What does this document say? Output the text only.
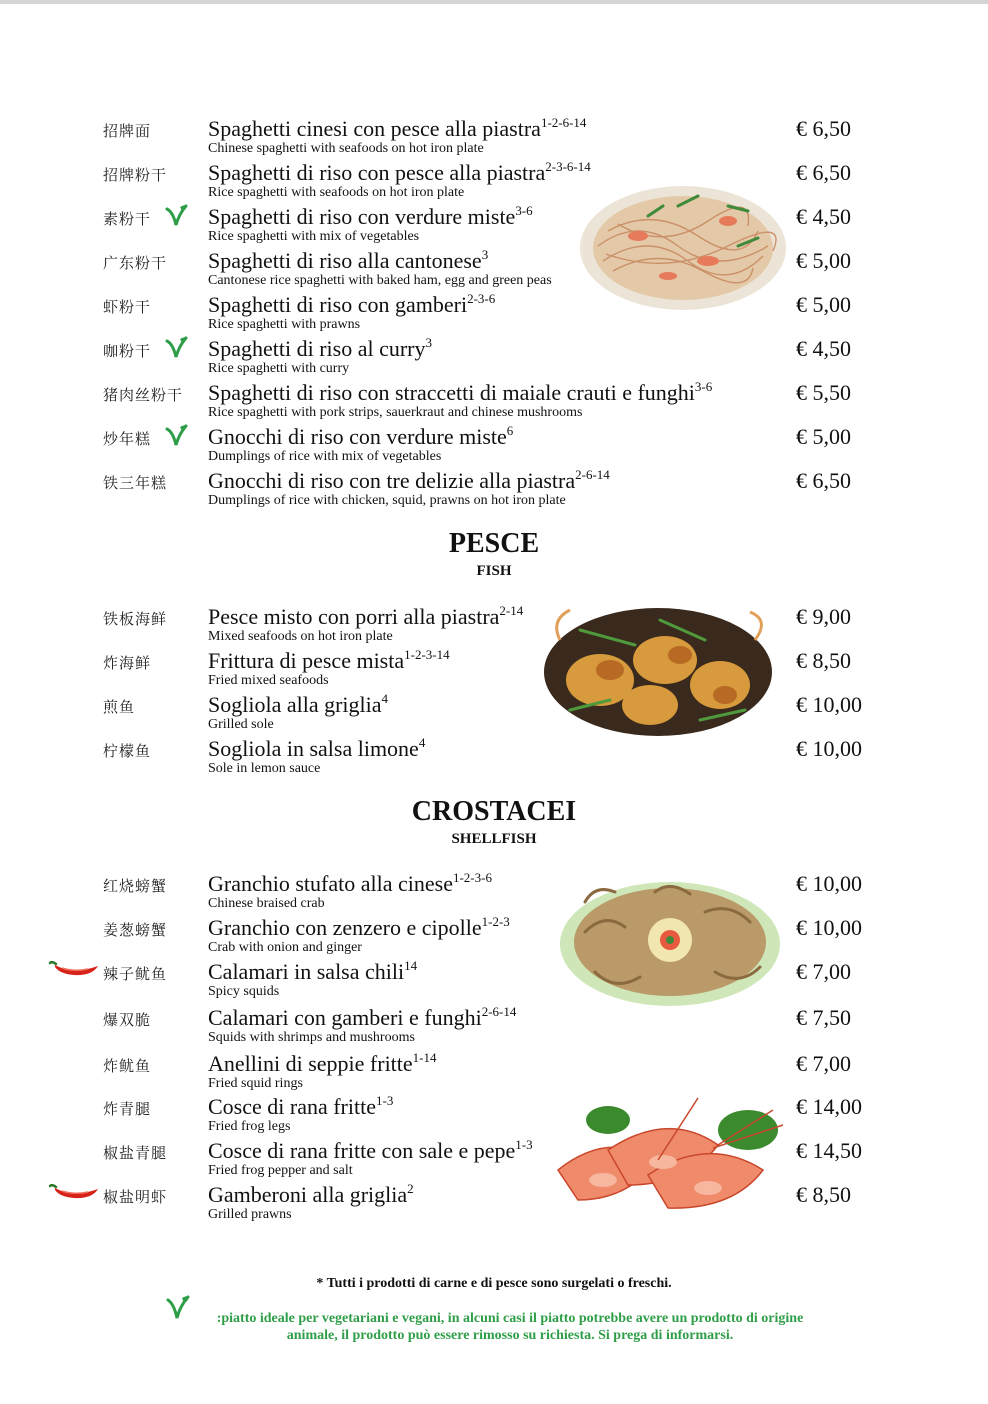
招牌面	Spaghetti cinesi con pesce alla piastra$^{1-2-6-14}$
Chinese spaghetti with seafoods on hot iron plate
€ 6,50
招牌粉干 Spaghetti di riso con pesce alla piastra$^{2-3-6-14}$
Rice spaghetti with seafoods on hot iron plate
€ 6,50
素粉干	Spaghetti di riso con verdure miste$^{3-6}$
Rice spaghetti with mix of vegetables
€ 4,50
广东粉干 Spaghetti di riso alla cantonese$^3$
Cantonese rice spaghetti with baked ham, egg and green peas
€ 5,00
虾粉干	Spaghetti di riso con gamberi$^{2-3-6}$
Rice spaghetti with prawns
€ 5,00
咖粉干	Spaghetti di riso al curry$^3$
Rice spaghetti with curry
€ 4,50
猪肉丝粉干 Spaghetti di riso con straccetti di maiale crauti e funghi$^{3-6}$
Rice spaghetti with pork strips, sauerkraut and chinese mushrooms
€ 5,50
炒年糕	Gnocchi di riso con verdure miste$^6$
Dumplings of rice with mix of vegetables
€ 5,00
铁三年糕 Gnocchi di riso con tre delizie alla piastra$^{2-6-14}$
Dumplings of rice with chicken, squid, prawns on hot iron plate
€ 6,50
铁板海鲜 Pesce misto con porri alla piastra$^{2-14}$
Mixed seafoods on hot iron plate
€ 9,00
炸海鲜	Frittura di pesce mista$^{1-2-3-14}$
Fried mixed seafoods
€ 8,50
煎鱼	Sogliola alla griglia$^4$
Grilled sole
€ 10,00
柠檬鱼	Sogliola in salsa limone$^4$
Sole in lemon sauce
€ 10,00
红烧螃蟹 Granchio stufato alla cinese$^{1-2-3-6}$
Chinese braised crab
€ 10,00
姜葱螃蟹 Granchio con zenzero e cipolle$^{1-2-3}$
Crab with onion and ginger
€ 10,00
辣子鱿鱼 Calamari in salsa chili$^{14}$
Spicy squids
€ 7,00
爆双脆	Calamari con gamberi e funghi$^{2-6-14}$
Squids with shrimps and mushrooms
€ 7,50
炸鱿鱼	Anellini di seppie fritte$^{1-14}$
Fried squid rings
€ 7,00
炸青腿	Cosce di rana fritte$^{1-3}$
Fried frog legs
€ 14,00
椒盐青腿 Cosce di rana fritte con sale e pepe$^{1-3}$
Fried frog pepper and salt
€ 14,50
椒盐明虾 Gamberoni alla griglia$^2$
Grilled prawns
€ 8,50
PESCE
FISH
CROSTACEI
SHELLFISH
* Tutti i prodotti di carne e di pesce sono surgelati o freschi.
:piatto ideale per vegetariani e vegani, in alcuni casi il piatto potrebbe avere un prodotto di origine animale, il prodotto può essere rimosso su richiesta. Si prega di informarsi.
